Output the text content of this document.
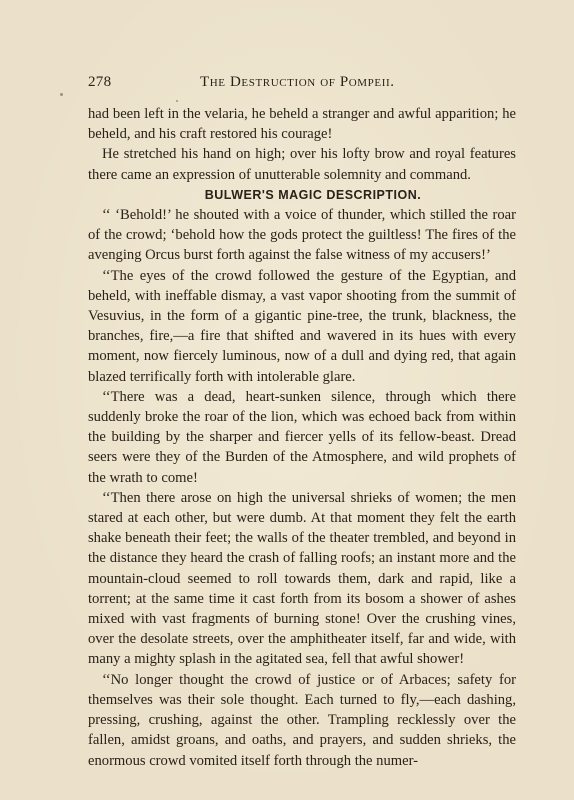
278	The Destruction of Pompeii.

had been left in the velaria, he beheld a stranger and awful apparition; he beheld, and his craft restored his courage!

He stretched his hand on high; over his lofty brow and royal features there came an expression of unutterable solemnity and command.

BULWER'S MAGIC DESCRIPTION.

‘‘ ‘Behold!’ he shouted with a voice of thunder, which stilled the roar of the crowd; ‘behold how the gods protect the guiltless! The fires of the avenging Orcus burst forth against the false witness of my accusers!’

‘‘The eyes of the crowd followed the gesture of the Egyptian, and beheld, with ineffable dismay, a vast vapor shooting from the summit of Vesuvius, in the form of a gigantic pine-tree, the trunk, blackness, the branches, fire,—a fire that shifted and wavered in its hues with every moment, now fiercely luminous, now of a dull and dying red, that again blazed terrifically forth with intolerable glare.

‘‘There was a dead, heart-sunken silence, through which there suddenly broke the roar of the lion, which was echoed back from within the building by the sharper and fiercer yells of its fellow-beast. Dread seers were they of the Burden of the Atmosphere, and wild prophets of the wrath to come!

‘‘Then there arose on high the universal shrieks of women; the men stared at each other, but were dumb. At that moment they felt the earth shake beneath their feet; the walls of the theater trembled, and beyond in the distance they heard the crash of falling roofs; an instant more and the mountain-cloud seemed to roll towards them, dark and rapid, like a torrent; at the same time it cast forth from its bosom a shower of ashes mixed with vast fragments of burning stone! Over the crushing vines, over the desolate streets, over the amphitheater itself, far and wide, with many a mighty splash in the agitated sea, fell that awful shower!

‘‘No longer thought the crowd of justice or of Arbaces; safety for themselves was their sole thought. Each turned to fly,—each dashing, pressing, crushing, against the other. Trampling recklessly over the fallen, amidst groans, and oaths, and prayers, and sudden shrieks, the enormous crowd vomited itself forth through the numer-
